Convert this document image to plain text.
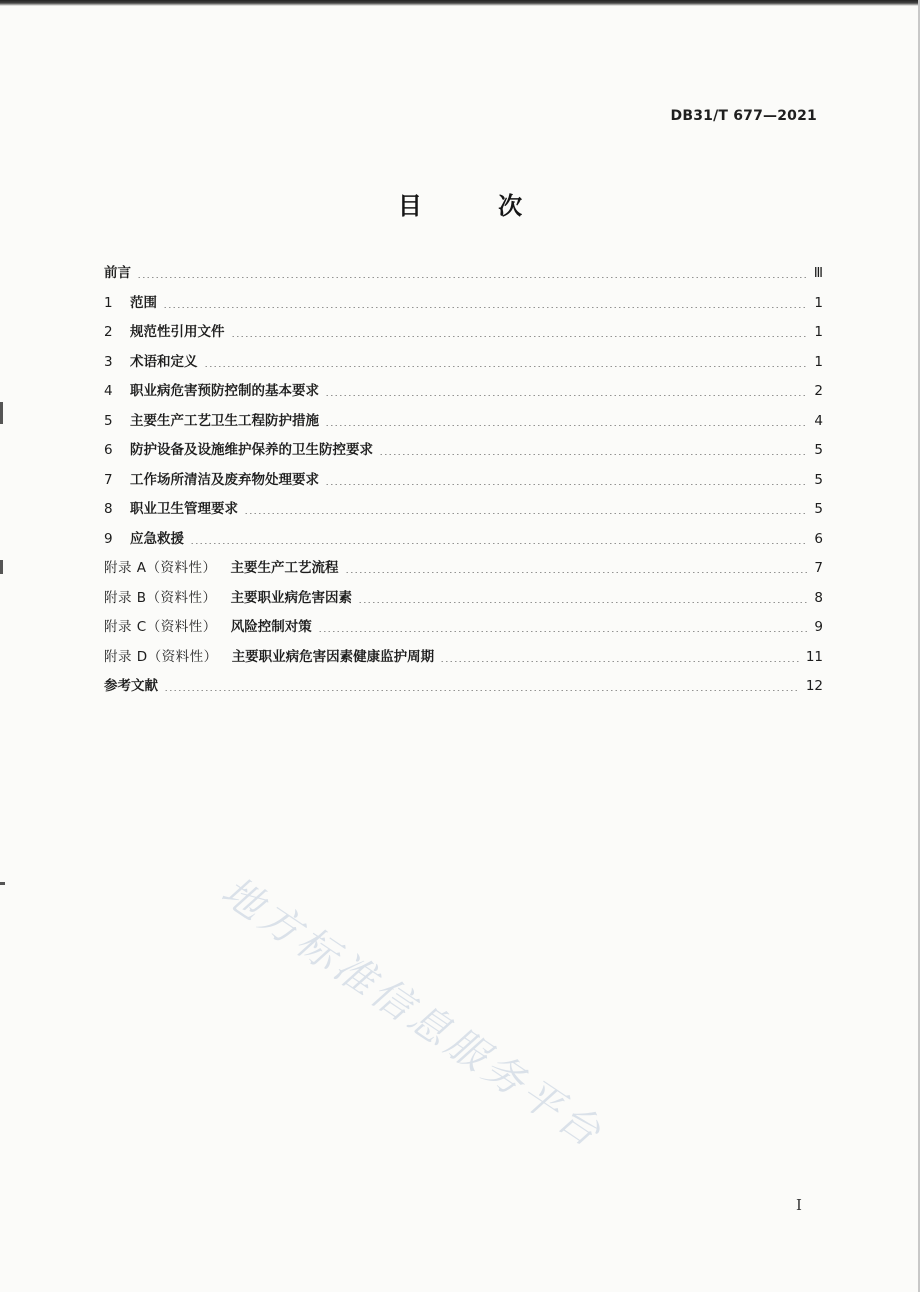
DB31/T 677—2021
目 次
前言	Ⅲ
1	范围	1
2	规范性引用文件	1
3	术语和定义	1
4	职业病危害预防控制的基本要求	2
5	主要生产工艺卫生工程防护措施	4
6	防护设备及设施维护保养的卫生防控要求	5
7	工作场所清洁及废弃物处理要求	5
8	职业卫生管理要求	5
9	应急救援	6
附录 A（资料性）	主要生产工艺流程	7
附录 B（资料性）	主要职业病危害因素	8
附录 C（资料性）	风险控制对策	9
附录 D（资料性）	主要职业病危害因素健康监护周期	11
参考文献	12
地方标准信息服务平台
I
